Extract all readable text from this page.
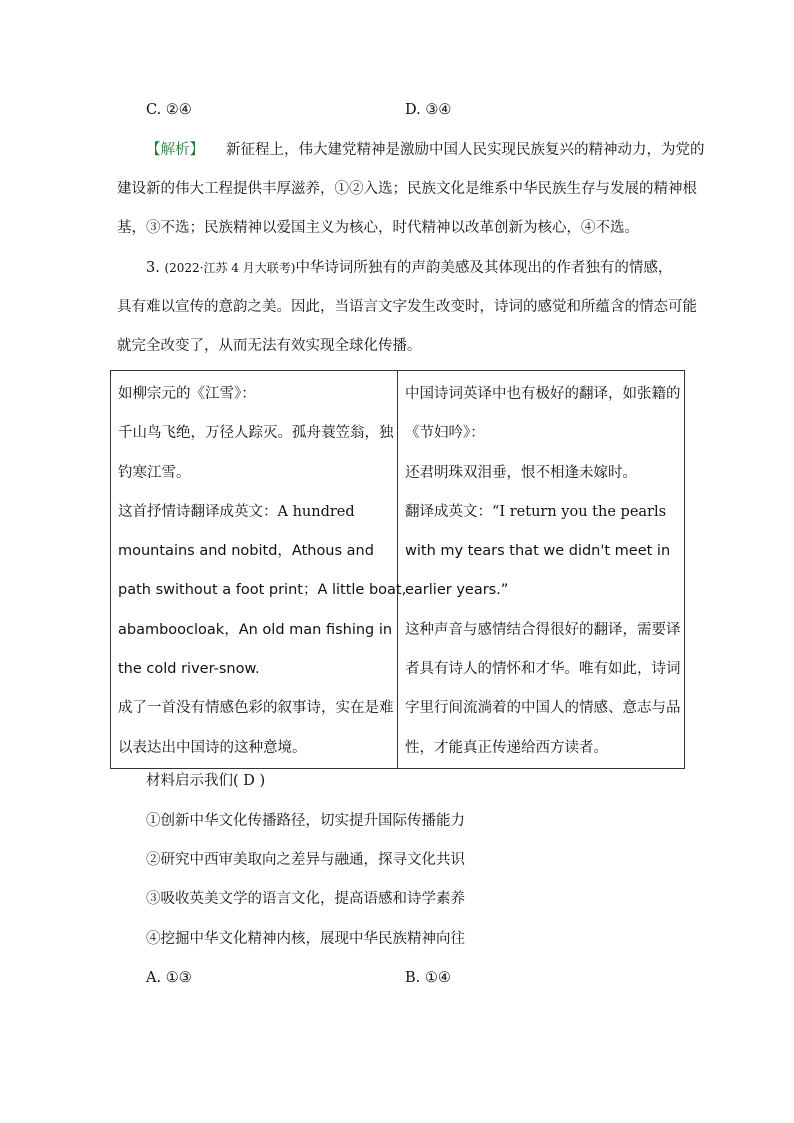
C. ②④	D. ③④
【解析】 新征程上，伟大建党精神是激励中国人民实现民族复兴的精神动力，为党的
建设新的伟大工程提供丰厚滋养，①②入选；民族文化是维系中华民族生存与发展的精神根
基，③不选；民族精神以爱国主义为核心，时代精神以改革创新为核心，④不选。
3. (2022·江苏 4 月大联考)中华诗词所独有的声韵美感及其体现出的作者独有的情感，
具有难以宣传的意韵之美。因此，当语言文字发生改变时，诗词的感觉和所蕴含的情态可能
就完全改变了，从而无法有效实现全球化传播。
如柳宗元的《江雪》：
千山鸟飞绝，万径人踪灭。孤舟蓑笠翁，独
钓寒江雪。
这首抒情诗翻译成英文：A hundred
mountains and nobitd，Athous and
path swithout a foot print；A little boat,
abamboocloak，An old man fishing in
the cold river-snow.
成了一首没有情感色彩的叙事诗，实在是难
以表达出中国诗的这种意境。

中国诗词英译中也有极好的翻译，如张籍的
《节妇吟》：
还君明珠双泪垂，恨不相逢未嫁时。
翻译成英文：“I return you the pearls
with my tears that we didn't meet in
earlier years.”
这种声音与感情结合得很好的翻译，需要译
者具有诗人的情怀和才华。唯有如此，诗词
字里行间流淌着的中国人的情感、意志与品
性，才能真正传递给西方读者。
材料启示我们( D )
①创新中华文化传播路径，切实提升国际传播能力
②研究中西审美取向之差异与融通，探寻文化共识
③吸收英美文学的语言文化，提高语感和诗学素养
④挖掘中华文化精神内核，展现中华民族精神向往
A. ①③	B. ①④
